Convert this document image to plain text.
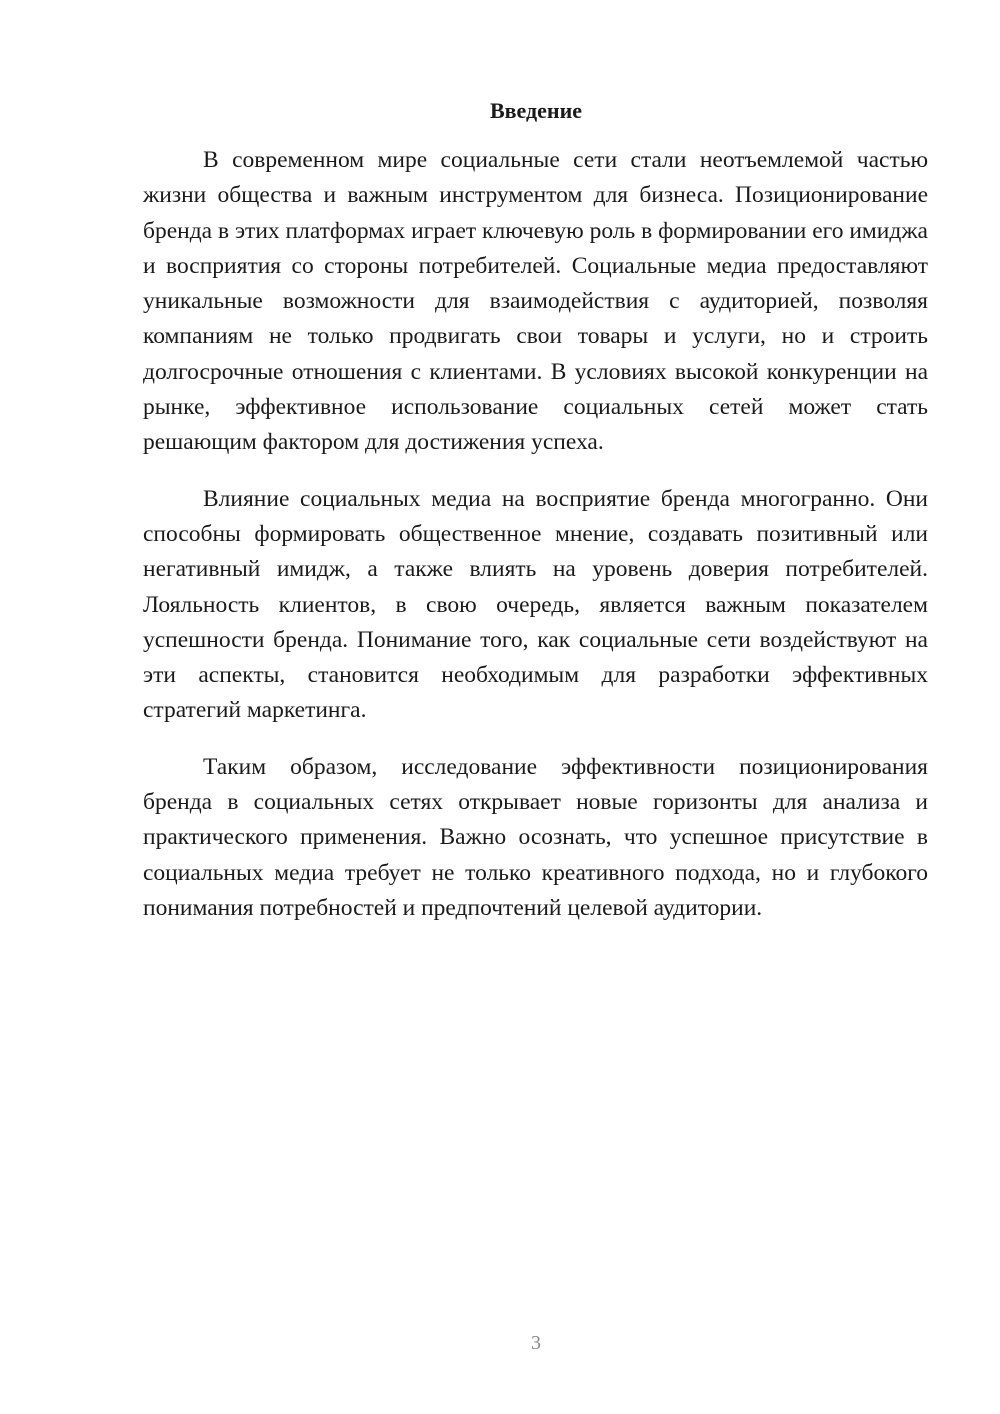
Введение

В современном мире социальные сети стали неотъемлемой частью жизни общества и важным инструментом для бизнеса. Позиционирование бренда в этих платформах играет ключевую роль в формировании его имиджа и восприятия со стороны потребителей. Социальные медиа предоставляют уникальные возможности для взаимодействия с аудиторией, позволяя компаниям не только продвигать свои товары и услуги, но и строить долгосрочные отношения с клиентами. В условиях высокой конкуренции на рынке, эффективное использование социальных сетей может стать решающим фактором для достижения успеха.

Влияние социальных медиа на восприятие бренда многогранно. Они способны формировать общественное мнение, создавать позитивный или негативный имидж, а также влиять на уровень доверия потребителей. Лояльность клиентов, в свою очередь, является важным показателем успешности бренда. Понимание того, как социальные сети воздействуют на эти аспекты, становится необходимым для разработки эффективных стратегий маркетинга.

Таким образом, исследование эффективности позиционирования бренда в социальных сетях открывает новые горизонты для анализа и практического применения. Важно осознать, что успешное присутствие в социальных медиа требует не только креативного подхода, но и глубокого понимания потребностей и предпочтений целевой аудитории.

3
